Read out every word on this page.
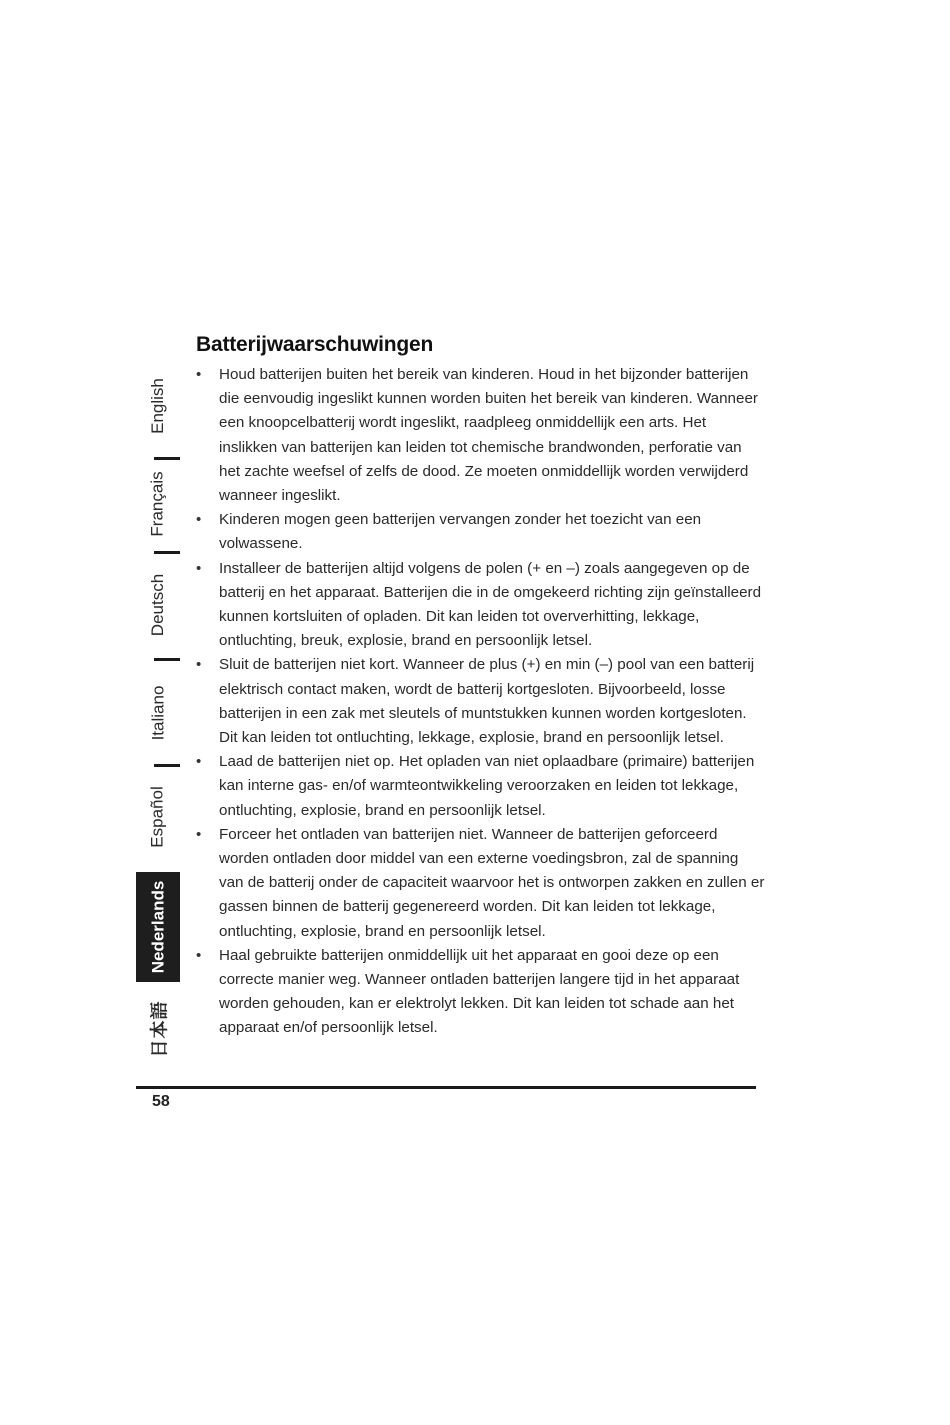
English
Français
Deutsch
Italiano
Español
Nederlands
日本語
Batterijwaarschuwingen
• Houd batterijen buiten het bereik van kinderen. Houd in het bijzonder batterijen die eenvoudig ingeslikt kunnen worden buiten het bereik van kinderen. Wanneer een knoopcelbatterij wordt ingeslikt, raadpleeg onmiddellijk een arts. Het inslikken van batterijen kan leiden tot chemische brandwonden, perforatie van het zachte weefsel of zelfs de dood. Ze moeten onmiddellijk worden verwijderd wanneer ingeslikt.
• Kinderen mogen geen batterijen vervangen zonder het toezicht van een volwassene.
• Installeer de batterijen altijd volgens de polen (+ en –) zoals aangegeven op de batterij en het apparaat. Batterijen die in de omgekeerd richting zijn geïnstalleerd kunnen kortsluiten of opladen. Dit kan leiden tot oververhitting, lekkage, ontluchting, breuk, explosie, brand en persoonlijk letsel.
• Sluit de batterijen niet kort. Wanneer de plus (+) en min (–) pool van een batterij elektrisch contact maken, wordt de batterij kortgesloten. Bijvoorbeeld, losse batterijen in een zak met sleutels of muntstukken kunnen worden kortgesloten. Dit kan leiden tot ontluchting, lekkage, explosie, brand en persoonlijk letsel.
• Laad de batterijen niet op. Het opladen van niet oplaadbare (primaire) batterijen kan interne gas- en/of warmteontwikkeling veroorzaken en leiden tot lekkage, ontluchting, explosie, brand en persoonlijk letsel.
• Forceer het ontladen van batterijen niet. Wanneer de batterijen geforceerd worden ontladen door middel van een externe voedingsbron, zal de spanning van de batterij onder de capaciteit waarvoor het is ontworpen zakken en zullen er gassen binnen de batterij gegenereerd worden. Dit kan leiden tot lekkage, ontluchting, explosie, brand en persoonlijk letsel.
• Haal gebruikte batterijen onmiddellijk uit het apparaat en gooi deze op een correcte manier weg. Wanneer ontladen batterijen langere tijd in het apparaat worden gehouden, kan er elektrolyt lekken. Dit kan leiden tot schade aan het apparaat en/of persoonlijk letsel.
58
